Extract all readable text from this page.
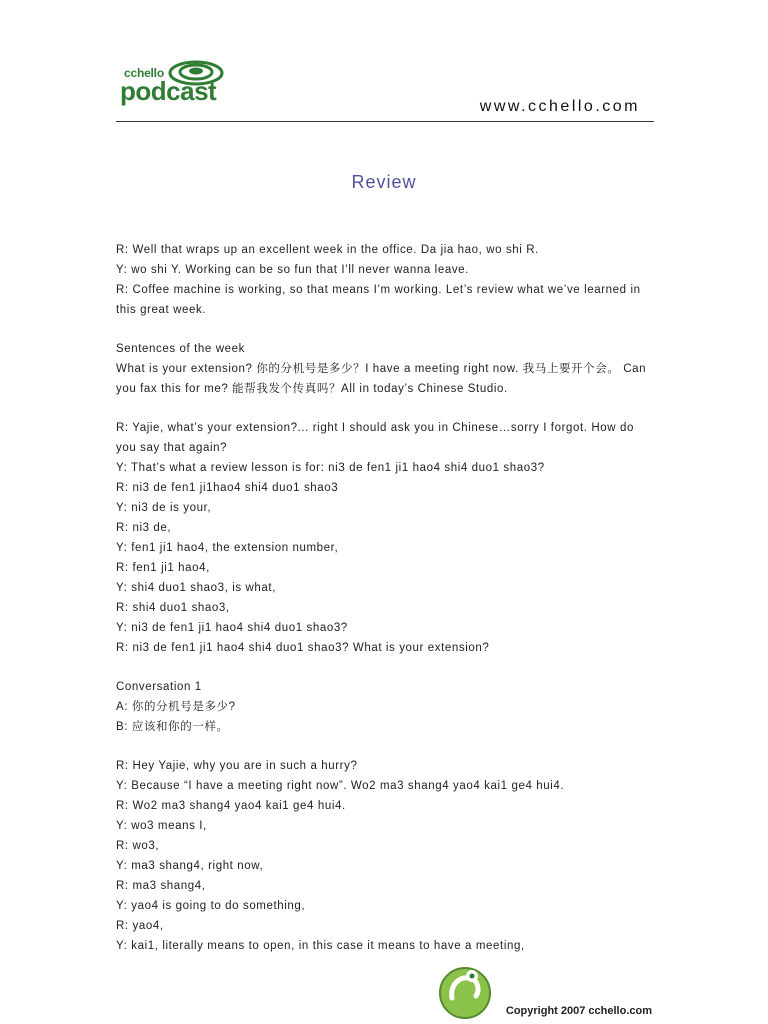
cchello
podcast
www.cchello.com
Review
R: Well that wraps up an excellent week in the office. Da jia hao, wo shi R.
Y: wo shi Y. Working can be so fun that I’ll never wanna leave.
R: Coffee machine is working, so that means I’m working. Let’s review what we’ve learned in
this great week.
Sentences of the week
What is your extension? 你的分机号是多少？I have a meeting right now. 我马上要开个会。 Can
you fax this for me? 能帮我发个传真吗？All in today’s Chinese Studio.
R: Yajie, what’s your extension?... right I should ask you in Chinese…sorry I forgot. How do
you say that again?
Y: That’s what a review lesson is for: ni3 de fen1 ji1 hao4 shi4 duo1 shao3?
R: ni3 de fen1 ji1hao4 shi4 duo1 shao3
Y: ni3 de is your,
R: ni3 de,
Y: fen1 ji1 hao4, the extension number,
R: fen1 ji1 hao4,
Y: shi4 duo1 shao3, is what,
R: shi4 duo1 shao3,
Y: ni3 de fen1 ji1 hao4 shi4 duo1 shao3?
R: ni3 de fen1 ji1 hao4 shi4 duo1 shao3? What is your extension?
Conversation 1
A: 你的分机号是多少?
B: 应该和你的一样。
R: Hey Yajie, why you are in such a hurry?
Y: Because “I have a meeting right now”. Wo2 ma3 shang4 yao4 kai1 ge4 hui4.
R: Wo2 ma3 shang4 yao4 kai1 ge4 hui4.
Y: wo3 means I,
R: wo3,
Y: ma3 shang4, right now,
R: ma3 shang4,
Y: yao4 is going to do something,
R: yao4,
Y: kai1, literally means to open, in this case it means to have a meeting,
Copyright 2007 cchello.com
